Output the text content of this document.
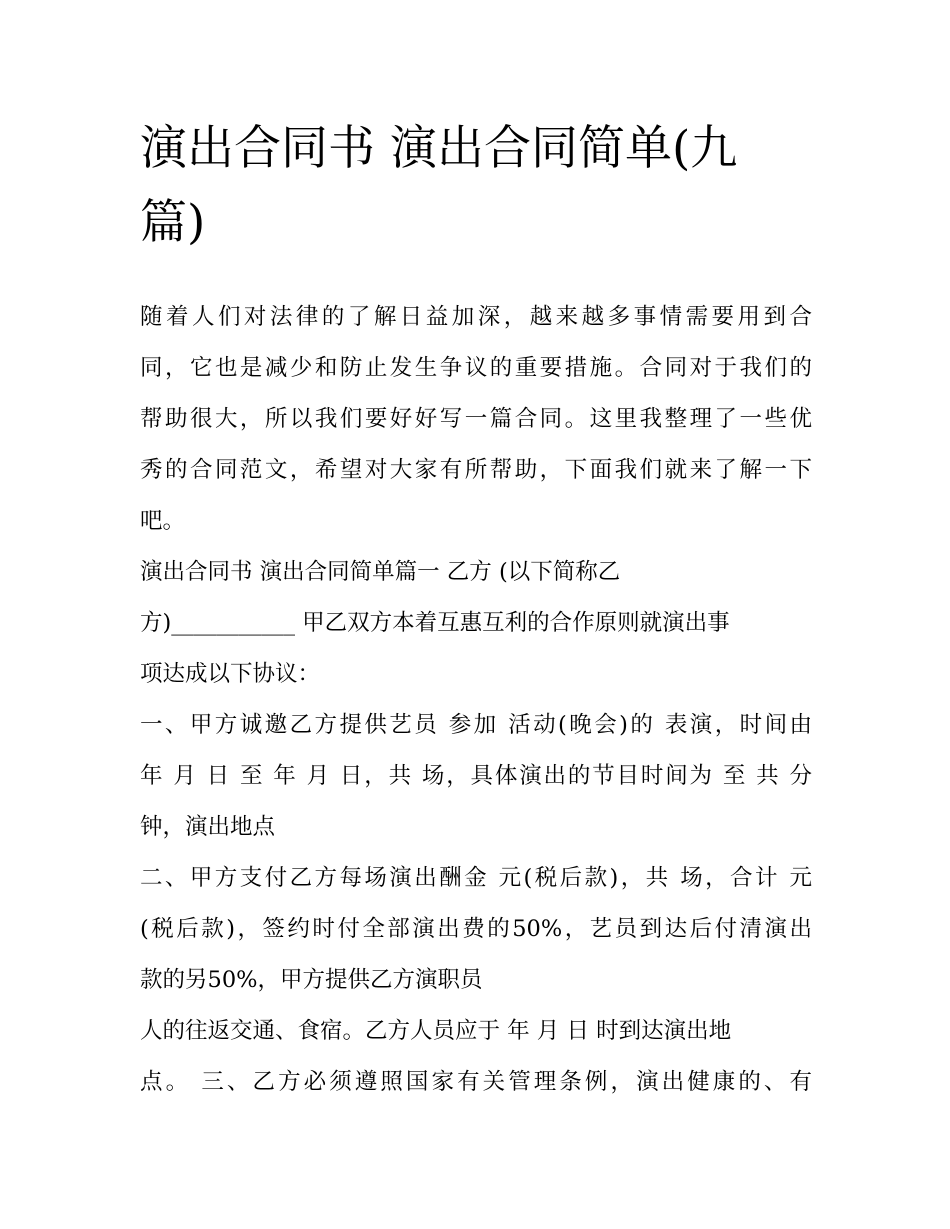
演出合同书 演出合同简单(九
篇)
随着人们对法律的了解日益加深，越来越多事情需要用到合
同，它也是减少和防止发生争议的重要措施。合同对于我们的
帮助很大，所以我们要好好写一篇合同。这里我整理了一些优
秀的合同范文，希望对大家有所帮助，下面我们就来了解一下
吧。
演出合同书 演出合同简单篇一 乙方 (以下简称乙
方)___________ 甲乙双方本着互惠互利的合作原则就演出事
项达成以下协议：
一、甲方诚邀乙方提供艺员 参加 活动(晚会)的 表演，时间由
年 月 日 至 年 月 日，共 场，具体演出的节目时间为 至 共 分
钟，演出地点
二、甲方支付乙方每场演出酬金 元(税后款)，共 场，合计 元
(税后款)，签约时付全部演出费的50%，艺员到达后付清演出
款的另50%，甲方提供乙方演职员
人的往返交通、食宿。乙方人员应于 年 月 日 时到达演出地
点。 三、乙方必须遵照国家有关管理条例，演出健康的、有
